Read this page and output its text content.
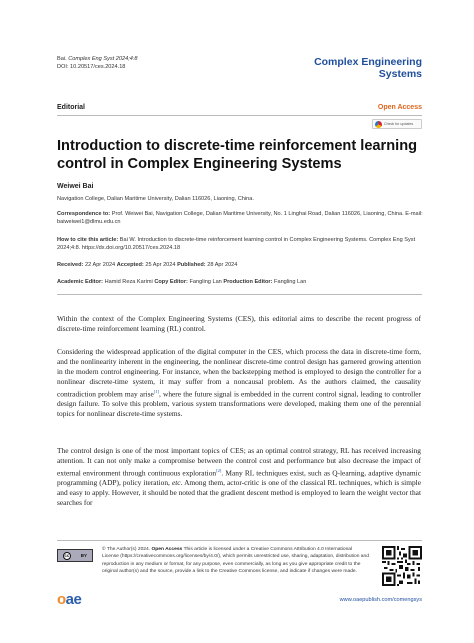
Bai. Complex Eng Syst 2024;4:8
DOI: 10.20517/ces.2024.18	Complex Engineering
Systems
Editorial	Open Access
Check for updates
Introduction to discrete-time reinforcement learning control in Complex Engineering Systems
Weiwei Bai
Navigation College, Dalian Maritime University, Dalian 116026, Liaoning, China.
Correspondence to: Prof. Weiwei Bai, Navigation College, Dalian Maritime University, No. 1 Linghai Road, Dalian 116026, Liaoning, China. E-mail: baiweiwei1@dlmu.edu.cn
How to cite this article: Bai W. Introduction to discrete-time reinforcement learning control in Complex Engineering Systems. Complex Eng Syst 2024;4:8. https://dx.doi.org/10.20517/ces.2024.18
Received: 22 Apr 2024 Accepted: 25 Apr 2024 Published: 28 Apr 2024
Academic Editor: Hamid Reza Karimi Copy Editor: Fangling Lan Production Editor: Fangling Lan
Within the context of the Complex Engineering Systems (CES), this editorial aims to describe the recent progress of discrete-time reinforcement learning (RL) control.
Considering the widespread application of the digital computer in the CES, which process the data in discrete-time form, and the nonlinearity inherent in the engineering, the nonlinear discrete-time control design has garnered growing attention in the modern control engineering. For instance, when the backstepping method is employed to design the controller for a nonlinear discrete-time system, it may suffer from a noncausal problem. As the authors claimed, the causality contradiction problem may arise[1], where the future signal is embedded in the current control signal, leading to controller design failure. To solve this problem, various system transformations were developed, making them one of the perennial topics for nonlinear discrete-time systems.
The control design is one of the most important topics of CES; as an optimal control strategy, RL has received increasing attention. It can not only make a compromise between the control cost and performance but also decrease the impact of external environment through continuous exploration[2]. Many RL techniques exist, such as Q-learning, adaptive dynamic programming (ADP), policy iteration, etc. Among them, actor-critic is one of the classical RL techniques, which is simple and easy to apply. However, it should be noted that the gradient descent method is employed to learn the weight vector that searches for
cc	BY
© The Author(s) 2024. Open Access This article is licensed under a Creative Commons Attribution 4.0 International License (https://creativecommons.org/licenses/by/4.0/), which permits unrestricted use, sharing, adaptation, distribution and reproduction in any medium or format, for any purpose, even commercially, as long as you give appropriate credit to the original author(s) and the source, provide a link to the Creative Commons license, and indicate if changes were made.
oae	www.oaepublish.com/comengsys
